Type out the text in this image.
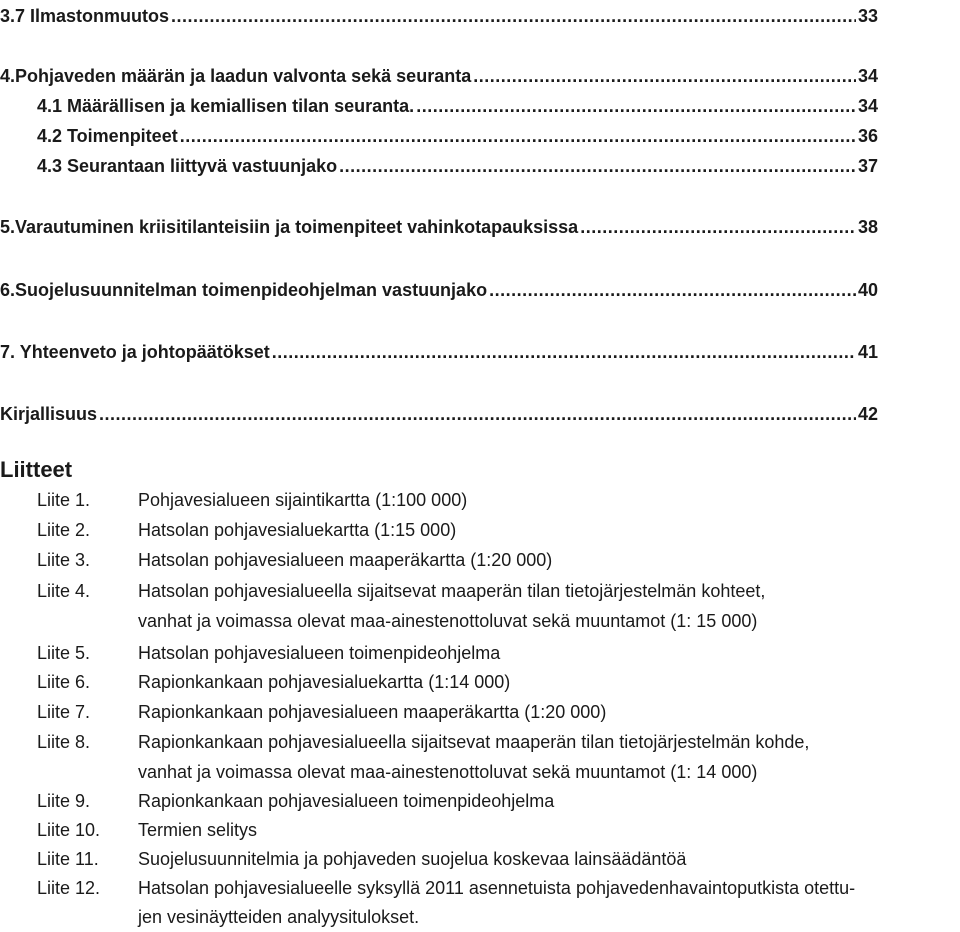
3.7 Ilmastonmuutos .....	33
4.Pohjaveden määrän ja laadun valvonta sekä seuranta .....	34
4.1 Määrällisen ja kemiallisen tilan seuranta. .....	34
4.2 Toimenpiteet .....	36
4.3 Seurantaan liittyvä vastuunjako .....	37
5.Varautuminen kriisitilanteisiin ja toimenpiteet vahinkotapauksissa .....	38
6.Suojelusuunnitelman toimenpideohjelman vastuunjako .....	40
7. Yhteenveto ja johtopäätökset .....	41
Kirjallisuus .....	42
Liitteet
Liite 1.	Pohjavesialueen sijaintikartta (1:100 000)
Liite 2.	Hatsolan pohjavesialuekartta (1:15 000)
Liite 3.	Hatsolan pohjavesialueen maaperäkartta (1:20 000)
Liite 4.	Hatsolan pohjavesialueella sijaitsevat maaperän tilan tietojärjestelmän kohteet,
vanhat ja voimassa olevat maa-ainestenottoluvat sekä muuntamot (1: 15 000)
Liite 5.	Hatsolan pohjavesialueen toimenpideohjelma
Liite 6.	Rapionkankaan pohjavesialuekartta (1:14 000)
Liite 7.	Rapionkankaan pohjavesialueen maaperäkartta (1:20 000)
Liite 8.	Rapionkankaan pohjavesialueella sijaitsevat maaperän tilan tietojärjestelmän kohde,
vanhat ja voimassa olevat maa-ainestenottoluvat sekä muuntamot (1: 14 000)
Liite 9.	Rapionkankaan pohjavesialueen toimenpideohjelma
Liite 10. Termien selitys
Liite 11. Suojelusuunnitelmia ja pohjaveden suojelua koskevaa lainsäädäntöä
Liite 12. Hatsolan pohjavesialueelle syksyllä 2011 asennetuista pohjavedenhavaintoputkista otettu-
jen vesinäytteiden analyysitulokset.
